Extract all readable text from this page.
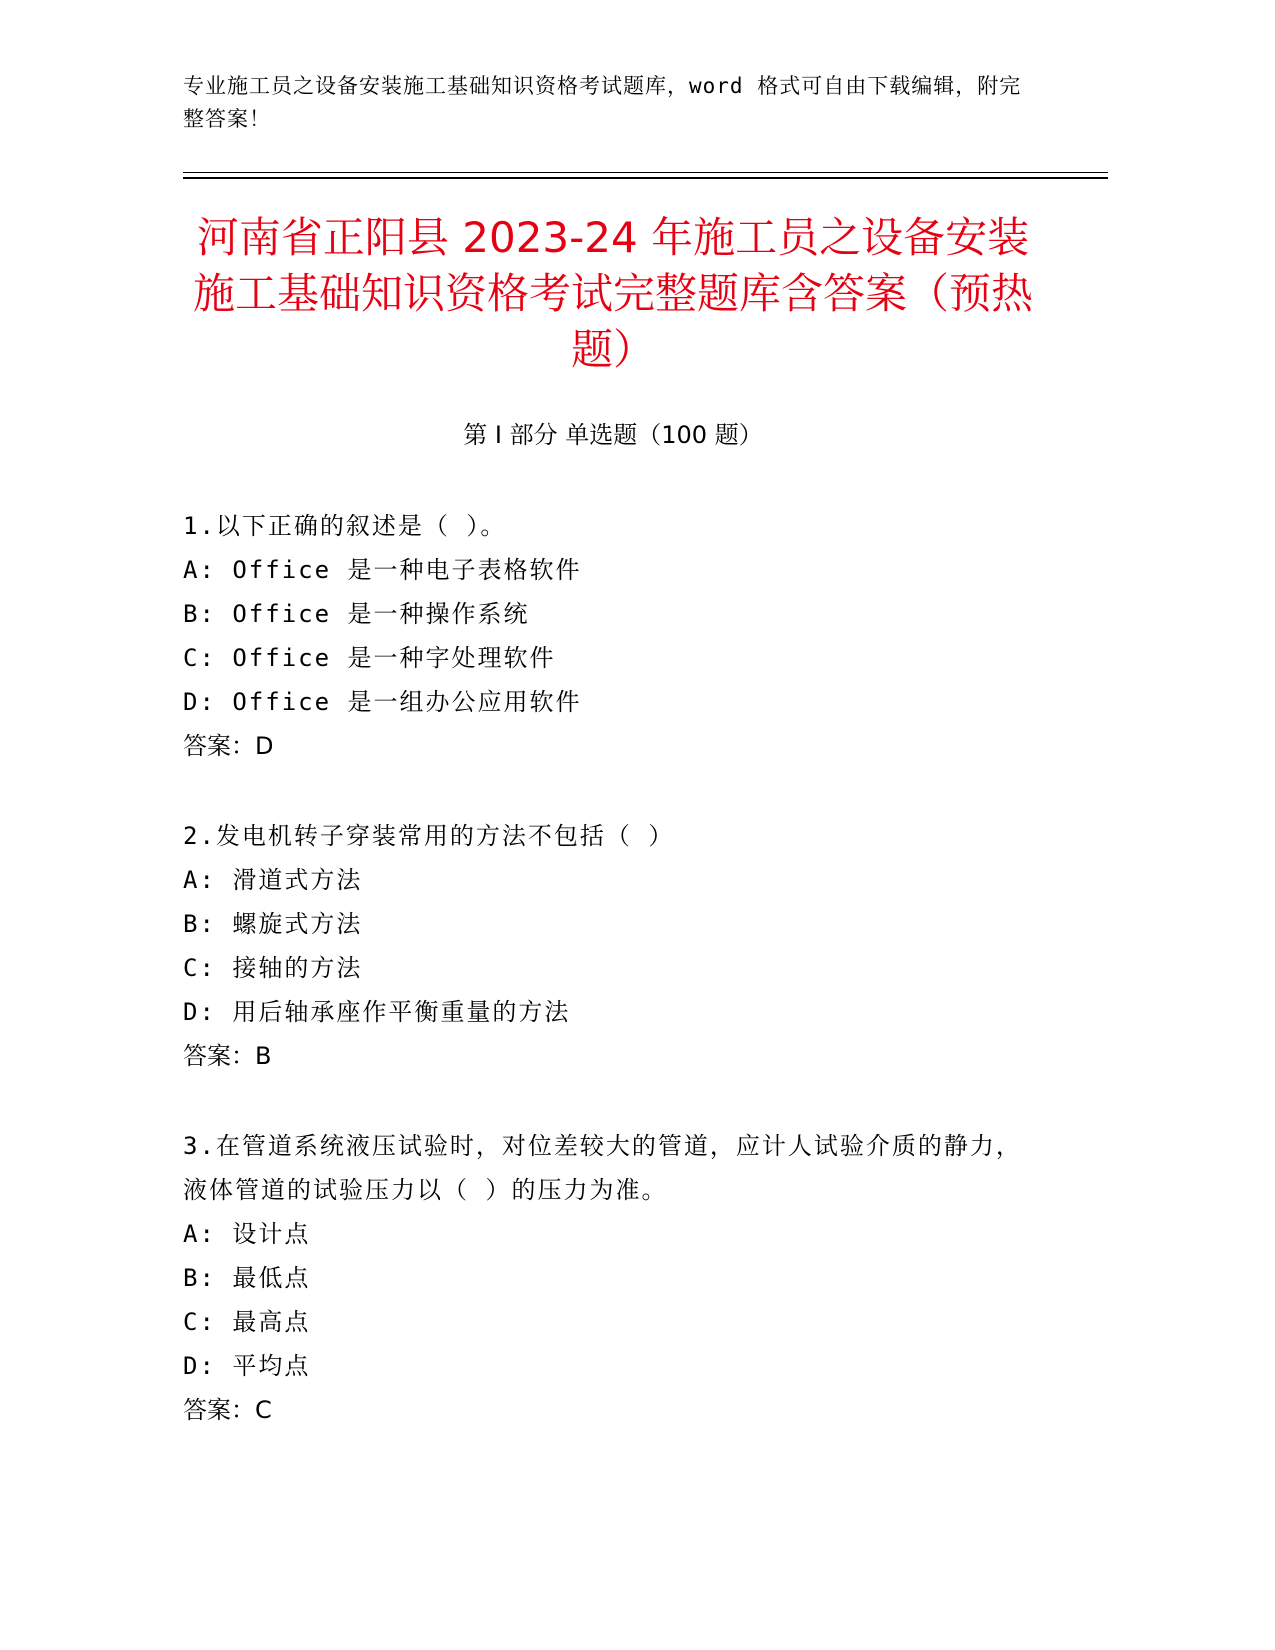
专业施工员之设备安装施工基础知识资格考试题库，word 格式可自由下载编辑，附完整答案！
河南省正阳县 2023-24 年施工员之设备安装施工基础知识资格考试完整题库含答案（预热题）
第 I 部分 单选题（100 题）
1.以下正确的叙述是（ ）。
A: Office 是一种电子表格软件
B: Office 是一种操作系统
C: Office 是一种字处理软件
D: Office 是一组办公应用软件
答案：D
2.发电机转子穿装常用的方法不包括（ ）
A: 滑道式方法
B: 螺旋式方法
C: 接轴的方法
D: 用后轴承座作平衡重量的方法
答案：B
3.在管道系统液压试验时，对位差较大的管道，应计人试验介质的静力，液体管道的试验压力以（ ）的压力为准。
A: 设计点
B: 最低点
C: 最高点
D: 平均点
答案：C
